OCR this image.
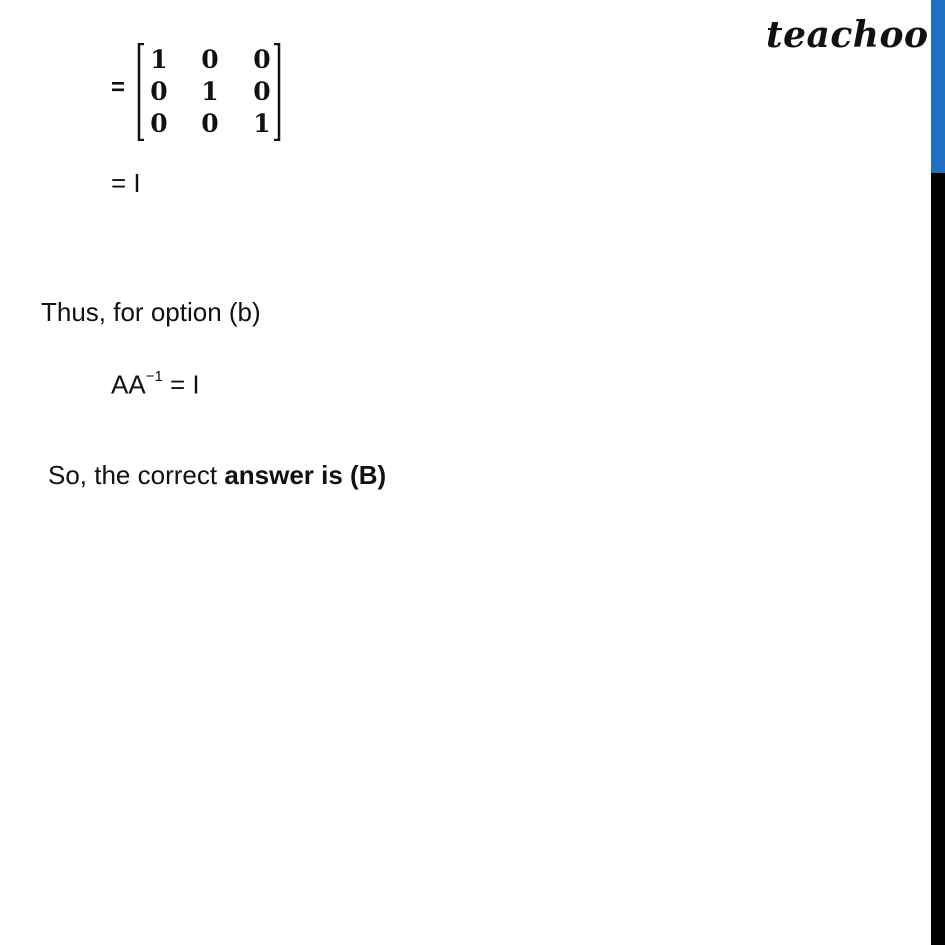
teachoo
=
1 0 0
0 1 0
0 0 1
= I
Thus, for option (b)
$AA^{-1} = I$
So, the correct answer is (B)
